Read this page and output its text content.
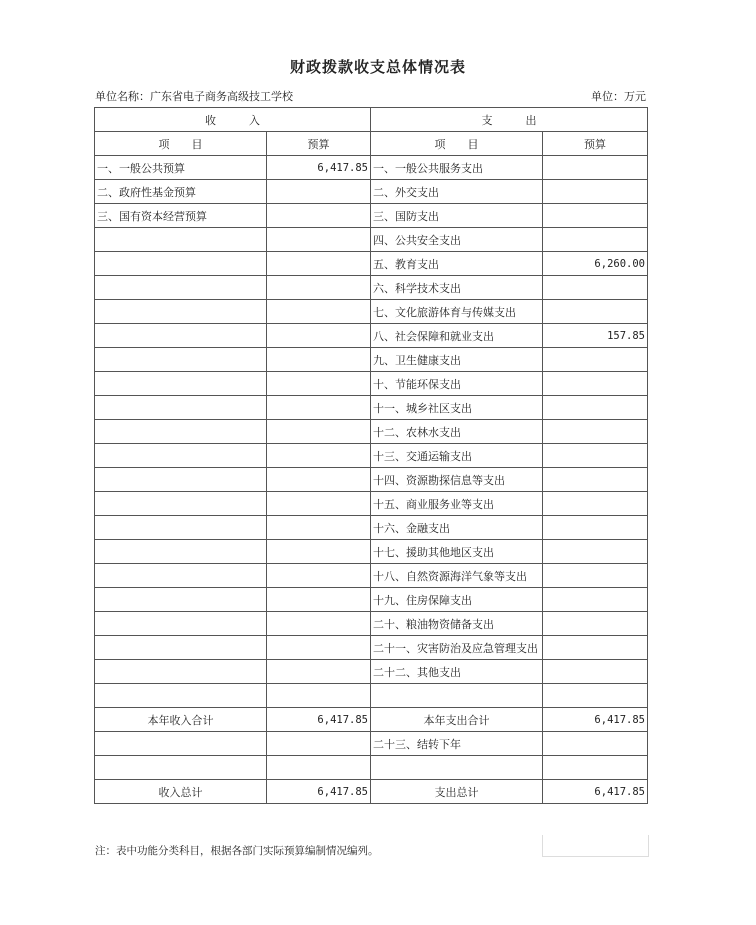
财政拨款收支总体情况表
单位名称：广东省电子商务高级技工学校	单位：万元
收　　　入		支　　　出	
项　　目	预算	项　　目	预算
一、一般公共预算	6,417.85	一、一般公共服务支出	
二、政府性基金预算		二、外交支出	
三、国有资本经营预算		三、国防支出	
		四、公共安全支出	
		五、教育支出	6,260.00
		六、科学技术支出	
		七、文化旅游体育与传媒支出	
		八、社会保障和就业支出	157.85
		九、卫生健康支出	
		十、节能环保支出	
		十一、城乡社区支出	
		十二、农林水支出	
		十三、交通运输支出	
		十四、资源勘探信息等支出	
		十五、商业服务业等支出	
		十六、金融支出	
		十七、援助其他地区支出	
		十八、自然资源海洋气象等支出	
		十九、住房保障支出	
		二十、粮油物资储备支出	
		二十一、灾害防治及应急管理支出	
		二十二、其他支出	

本年收入合计	6,417.85	本年支出合计	6,417.85
		二十三、结转下年	

收入总计	6,417.85	支出总计	6,417.85
注：表中功能分类科目，根据各部门实际预算编制情况编列。
